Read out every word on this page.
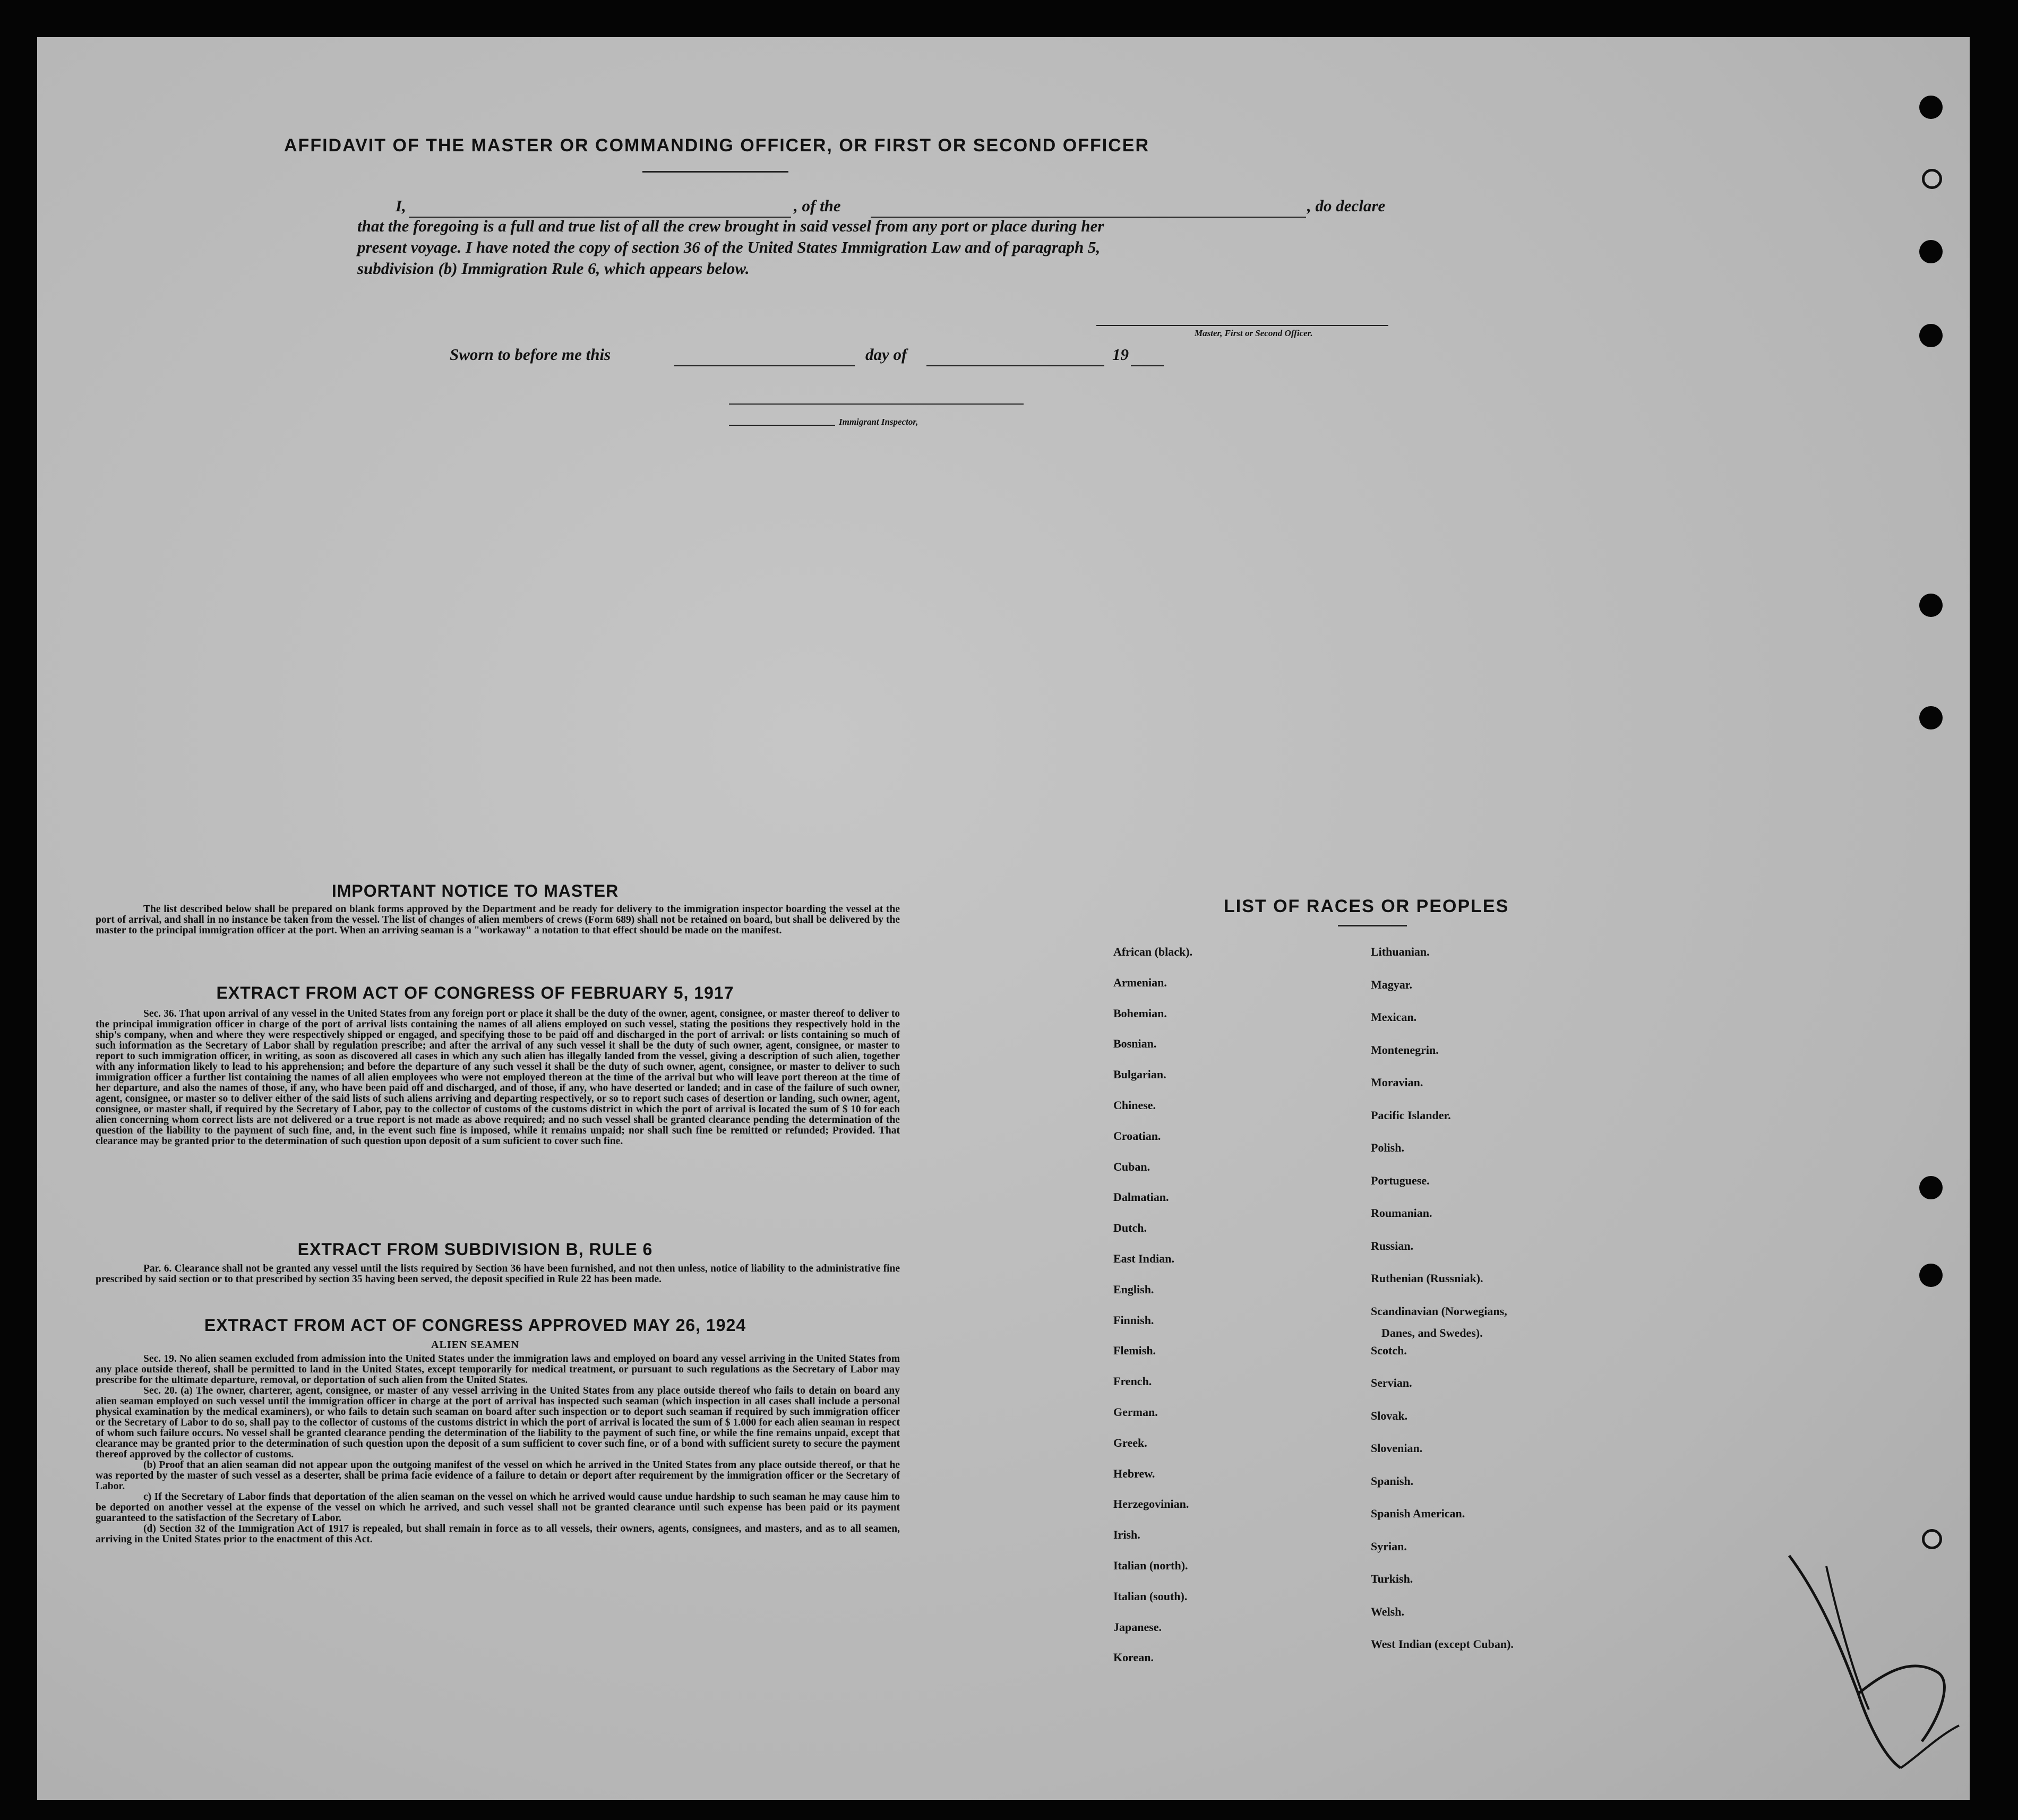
AFFIDAVIT OF THE MASTER OR COMMANDING OFFICER, OR FIRST OR SECOND OFFICER
I,	, of the	, do declare
that the foregoing is a full and true list of all the crew brought in said vessel from any port or place during her
present voyage. I have noted the copy of section 36 of the United States Immigration Law and of paragraph 5,
subdivision (b) Immigration Rule 6, which appears below.
Master, First or Second Officer.
Sworn to before me this	day of	19
Immigrant Inspector,
IMPORTANT NOTICE TO MASTER

The list described below shall be prepared on blank forms approved by the Department and be ready for delivery to the immigration inspector boarding the vessel at the port of arrival, and shall in no instance be taken from the vessel. The list of changes of alien members of crews (Form 689) shall not be retained on board, but shall be delivered by the master to the principal immigration officer at the port. When an arriving seaman is a "workaway" a notation to that effect should be made on the manifest.

EXTRACT FROM ACT OF CONGRESS OF FEBRUARY 5, 1917

Sec. 36. That upon arrival of any vessel in the United States from any foreign port or place it shall be the duty of the owner, agent, consignee, or master thereof to deliver to the principal immigration officer in charge of the port of arrival lists containing the names of all aliens employed on such vessel, stating the positions they respectively hold in the ship's company, when and where they were respectively shipped or engaged, and specifying those to be paid off and discharged in the port of arrival: or lists containing so much of such information as the Secretary of Labor shall by regulation prescribe; and after the arrival of any such vessel it shall be the duty of such owner, agent, consignee, or master to report to such immigration officer, in writing, as soon as discovered all cases in which any such alien has illegally landed from the vessel, giving a description of such alien, together with any information likely to lead to his apprehension; and before the departure of any such vessel it shall be the duty of such owner, agent, consignee, or master to deliver to such immigration officer a further list containing the names of all alien employees who were not employed thereon at the time of the arrival but who will leave port thereon at the time of her departure, and also the names of those, if any, who have been paid off and discharged, and of those, if any, who have deserted or landed; and in case of the failure of such owner, agent, consignee, or master so to deliver either of the said lists of such aliens arriving and departing respectively, or so to report such cases of desertion or landing, such owner, agent, consignee, or master shall, if required by the Secretary of Labor, pay to the collector of customs of the customs district in which the port of arrival is located the sum of $ 10 for each alien concerning whom correct lists are not delivered or a true report is not made as above required; and no such vessel shall be granted clearance pending the determination of the question of the liability to the payment of such fine, and, in the event such fine is imposed, while it remains unpaid; nor shall such fine be remitted or refunded; Provided. That clearance may be granted prior to the determination of such question upon deposit of a sum suficient to cover such fine.

EXTRACT FROM SUBDIVISION B, RULE 6

Par. 6. Clearance shall not be granted any vessel until the lists required by Section 36 have been furnished, and not then unless, notice of liability to the administrative fine prescribed by said section or to that prescribed by section 35 having been served, the deposit specified in Rule 22 has been made.

EXTRACT FROM ACT OF CONGRESS APPROVED MAY 26, 1924
ALIEN SEAMEN

Sec. 19. No alien seamen excluded from admission into the United States under the immigration laws and employed on board any vessel arriving in the United States from any place outside thereof, shall be permitted to land in the United States, except temporarily for medical treatment, or pursuant to such regulations as the Secretary of Labor may prescribe for the ultimate departure, removal, or deportation of such alien from the United States.

Sec. 20. (a) The owner, charterer, agent, consignee, or master of any vessel arriving in the United States from any place outside thereof who fails to detain on board any alien seaman employed on such vessel until the immigration officer in charge at the port of arrival has inspected such seaman (which inspection in all cases shall include a personal physical examination by the medical examiners), or who fails to detain such seaman on board after such inspection or to deport such seaman if required by such immigration officer or the Secretary of Labor to do so, shall pay to the collector of customs of the customs district in which the port of arrival is located the sum of $ 1.000 for each alien seaman in respect of whom such failure occurs. No vessel shall be granted clearance pending the determination of the liability to the payment of such fine, or while the fine remains unpaid, except that clearance may be granted prior to the determination of such question upon the deposit of a sum sufficient to cover such fine, or of a bond with sufficient surety to secure the payment thereof approved by the collector of customs.

(b) Proof that an alien seaman did not appear upon the outgoing manifest of the vessel on which he arrived in the United States from any place outside thereof, or that he was reported by the master of such vessel as a deserter, shall be prima facie evidence of a failure to detain or deport after requirement by the immigration officer or the Secretary of Labor.

c) If the Secretary of Labor finds that deportation of the alien seaman on the vessel on which he arrived would cause undue hardship to such seaman he may cause him to be deported on another vessel at the expense of the vessel on which he arrived, and such vessel shall not be granted clearance until such expense has been paid or its payment guaranteed to the satisfaction of the Secretary of Labor.

(d) Section 32 of the Immigration Act of 1917 is repealed, but shall remain in force as to all vessels, their owners, agents, consignees, and masters, and as to all seamen, arriving in the United States prior to the enactment of this Act.

LIST OF RACES OR PEOPLES
African (black).
Armenian.
Bohemian.
Bosnian.
Bulgarian.
Chinese.
Croatian.
Cuban.
Dalmatian.
Dutch.
East Indian.
English.
Finnish.
Flemish.
French.
German.
Greek.
Hebrew.
Herzegovinian.
Irish.
Italian (north).
Italian (south).
Japanese.
Korean.
Lithuanian.
Magyar.
Mexican.
Montenegrin.
Moravian.
Pacific Islander.
Polish.
Portuguese.
Roumanian.
Russian.
Ruthenian (Russniak).
Scandinavian (Norwegians,
Danes, and Swedes).
Scotch.
Servian.
Slovak.
Slovenian.
Spanish.
Spanish American.
Syrian.
Turkish.
Welsh.
West Indian (except Cuban).
